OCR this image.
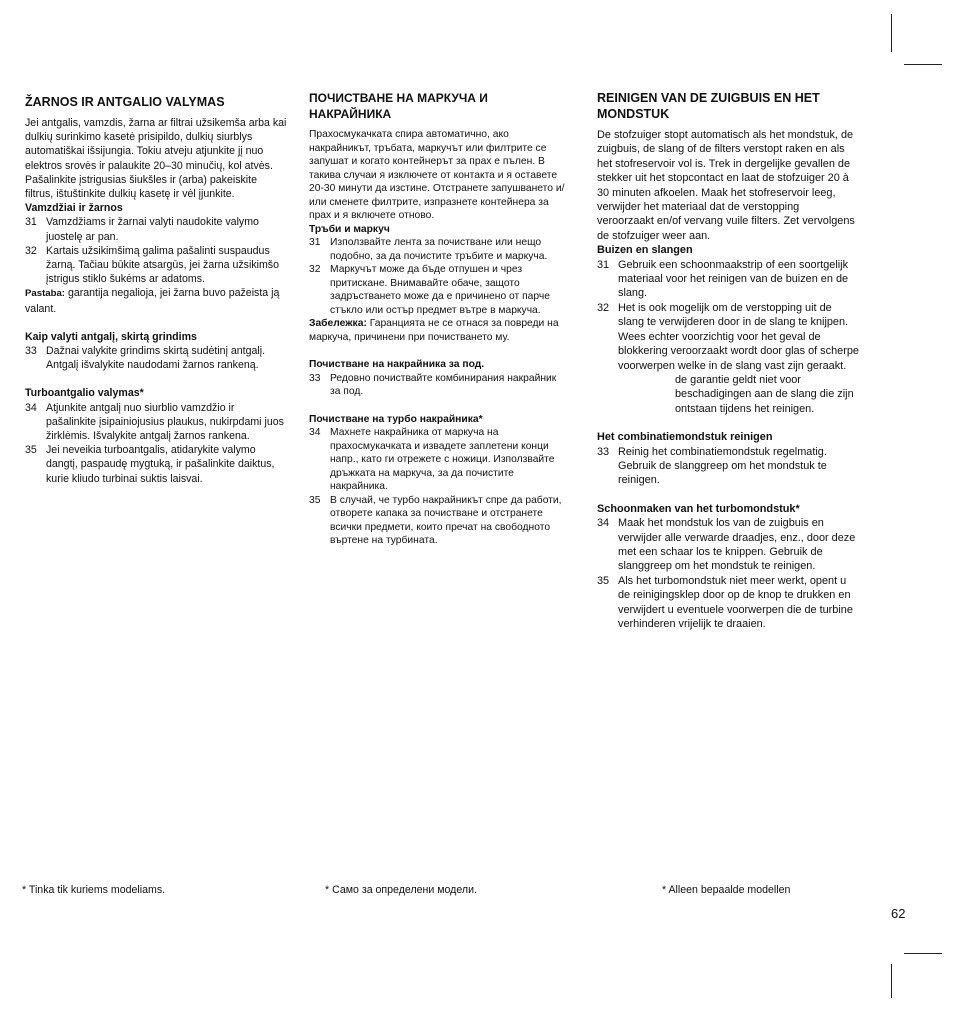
ŽARNOS IR ANTGALIO VALYMAS

Jei antgalis, vamzdis, žarna ar filtrai užsikemša arba kai dulkių surinkimo kasetė prisipildo, dulkių siurblys automatiškai išsijungia. Tokiu atveju atjunkite jį nuo elektros srovės ir palaukite 20–30 minučių, kol atvės. Pašalinkite įstrigusias šiukšles ir (arba) pakeiskite filtrus, ištuštinkite dulkių kasetę ir vėl įjunkite.

Vamzdžiai ir žarnos
31 Vamzdžiams ir žarnai valyti naudokite valymo juostelę ar pan.
32 Kartais užsikimšimą galima pašalinti suspaudus žarną. Tačiau būkite atsargūs, jei žarna užsikimšo įstrigus stiklo šukėms ar adatoms.

Pastaba: garantija negalioja, jei žarna buvo pažeista ją valant.

Kaip valyti antgalį, skirtą grindims
33 Dažnai valykite grindims skirtą sudėtinį antgalį. Antgalį išvalykite naudodami žarnos rankeną.
Turboantgalio valymas*
34 Atjunkite antgalį nuo siurblio vamzdžio ir pašalinkite įsipainiojusius plaukus, nukirpdami juos žirklėmis. Išvalykite antgalį žarnos rankena.
35 Jei neveikia turboantgalis, atidarykite valymo dangtį, paspaudę mygtuką, ir pašalinkite daiktus, kurie kliudo turbinai suktis laisvai.
ПОЧИСТВАНЕ НА МАРКУЧА И НАКРАЙНИКА

Прахосмукачката спира автоматично, ако накрайникът, тръбата, маркучът или филтрите се запушат и когато контейнерът за прах е пълен. В такива случаи я изключете от контакта и я оставете 20-30 минути да изстине. Отстранете запушването и/или сменете филтрите, изпразнете контейнера за прах и я включете отново.

Тръби и маркуч
31 Използвайте лента за почистване или нещо подобно, за да почистите тръбите и маркуча.
32 Маркучът може да бъде отпушен и чрез притискане. Внимавайте обаче, защото задръстването може да е причинено от парче стъкло или остър предмет вътре в маркуча.

Забележка: Гаранцията не се отнася за повреди на маркуча, причинени при почистването му.

Почистване на накрайника за под.
33 Редовно почиствайте комбинирания накрайник за под.
Почистване на турбо накрайника*
34 Махнете накрайника от маркуча на прахосмукачката и извадете заплетени конци напр., като ги отрежете с ножици. Използвайте дръжката на маркуча, за да почистите накрайника.
35 В случай, че турбо накрайникът спре да работи, отворете капака за почистване и отстранете всички предмети, които пречат на свободното въртене на турбината.
REINIGEN VAN DE ZUIGBUIS EN HET MONDSTUK

De stofzuiger stopt automatisch als het mondstuk, de zuigbuis, de slang of de filters verstopt raken en als het stofreservoir vol is. Trek in dergelijke gevallen de stekker uit het stopcontact en laat de stofzuiger 20 à 30 minuten afkoelen. Maak het stofreservoir leeg, verwijder het materiaal dat de verstopping veroorzaakt en/of vervang vuile filters. Zet vervolgens de stofzuiger weer aan.

Buizen en slangen
31 Gebruik een schoonmaakstrip of een soortgelijk materiaal voor het reinigen van de buizen en de slang.
32 Het is ook mogelijk om de verstopping uit de slang te verwijderen door in de slang te knijpen. Wees echter voorzichtig voor het geval de blokkering veroorzaakt wordt door glas of scherpe voorwerpen welke in de slang vast zijn geraakt.

de garantie geldt niet voor beschadigingen aan de slang die zijn ontstaan tijdens het reinigen.

Het combinatiemondstuk reinigen
33 Reinig het combinatiemondstuk regelmatig. Gebruik de slanggreep om het mondstuk te reinigen.
Schoonmaken van het turbomondstuk*
34 Maak het mondstuk los van de zuigbuis en verwijder alle verwarde draadjes, enz., door deze met een schaar los te knippen. Gebruik de slanggreep om het mondstuk te reinigen.
35 Als het turbomondstuk niet meer werkt, opent u de reinigingsklep door op de knop te drukken en verwijdert u eventuele voorwerpen die de turbine verhinderen vrijelijk te draaien.
* Tinka tik kuriems modeliams.	* Само за определени модели.	* Alleen bepaalde modellen
62
